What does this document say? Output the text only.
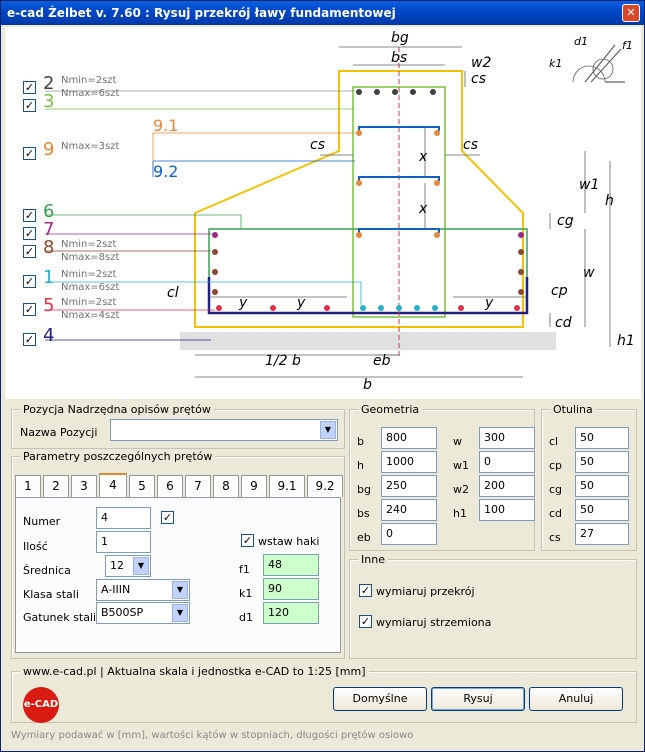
e-cad Żelbet v. 7.60 : Rysuj przekrój ławy fundamentowej	✕
bg
bs	w2
cs
cs	cs
x
x
w1
h
cg
w
cl	cp
y	y	y
cd
h1
1/2 b	eb
b
9.1
9.2
d1	f1
k1
✓ 2 Nmin=2szt
Nmax=6szt
✓ 3
✓ 9 Nmax=3szt
✓ 6
✓ 7
✓ 8 Nmin=2szt
Nmax=8szt
✓ 1 Nmin=2szt
Nmax=6szt
✓ 5 Nmin=2szt
Nmax=4szt
✓ 4
Pozycja Nadrzędna opisów prętów
Nazwa Pozycji	▼
Parametry poszczególnych prętów
1	2	3	4	5	6	7	8	9	9.1	9.2
Numer	4	✓
Ilość	1
Średnica	12	▼
Klasa stali	A-IIIN	▼
Gatunek stali B500SP	▼
✓ wstaw haki
f1	48
k1	90
d1	120
Geometria
b	800
h	1000
bg	250
bs	240
eb	0
w	300
w1	0
w2	200
h1	100
Otulina
cl	50
cp	50
cg	50
cd	50
cs	27
Inne
✓ wymiaruj przekrój
✓ wymiaruj strzemiona
www.e-cad.pl | Aktualna skala i jednostka e-CAD to 1:25 [mm]
e-CAD	Domyślne	Rysuj	Anuluj
Wymiary podawać w [mm], wartości kątów w stopniach, długości prętów osiowo
